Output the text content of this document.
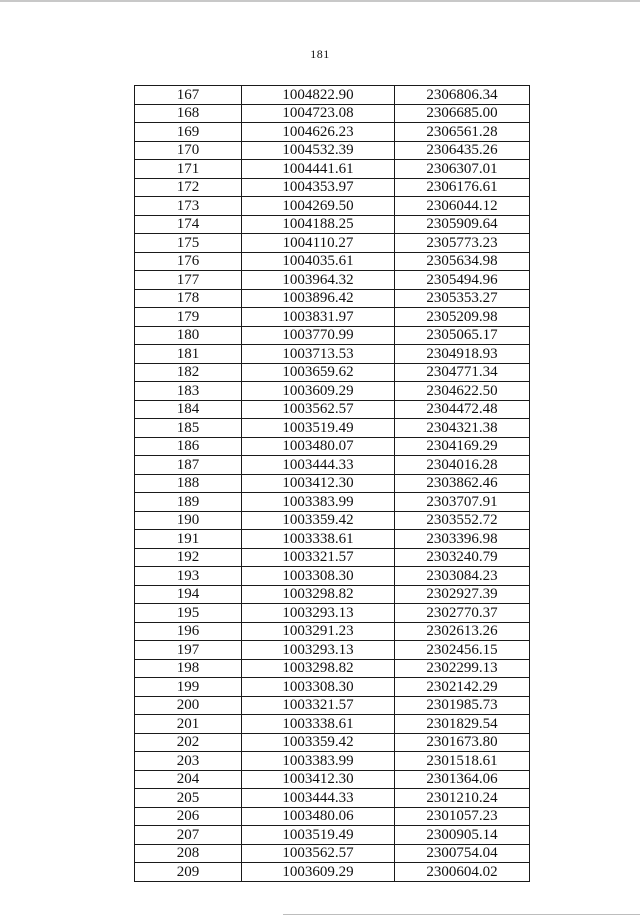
181
167	1004822.90	2306806.34
168	1004723.08	2306685.00
169	1004626.23	2306561.28
170	1004532.39	2306435.26
171	1004441.61	2306307.01
172	1004353.97	2306176.61
173	1004269.50	2306044.12
174	1004188.25	2305909.64
175	1004110.27	2305773.23
176	1004035.61	2305634.98
177	1003964.32	2305494.96
178	1003896.42	2305353.27
179	1003831.97	2305209.98
180	1003770.99	2305065.17
181	1003713.53	2304918.93
182	1003659.62	2304771.34
183	1003609.29	2304622.50
184	1003562.57	2304472.48
185	1003519.49	2304321.38
186	1003480.07	2304169.29
187	1003444.33	2304016.28
188	1003412.30	2303862.46
189	1003383.99	2303707.91
190	1003359.42	2303552.72
191	1003338.61	2303396.98
192	1003321.57	2303240.79
193	1003308.30	2303084.23
194	1003298.82	2302927.39
195	1003293.13	2302770.37
196	1003291.23	2302613.26
197	1003293.13	2302456.15
198	1003298.82	2302299.13
199	1003308.30	2302142.29
200	1003321.57	2301985.73
201	1003338.61	2301829.54
202	1003359.42	2301673.80
203	1003383.99	2301518.61
204	1003412.30	2301364.06
205	1003444.33	2301210.24
206	1003480.06	2301057.23
207	1003519.49	2300905.14
208	1003562.57	2300754.04
209	1003609.29	2300604.02
